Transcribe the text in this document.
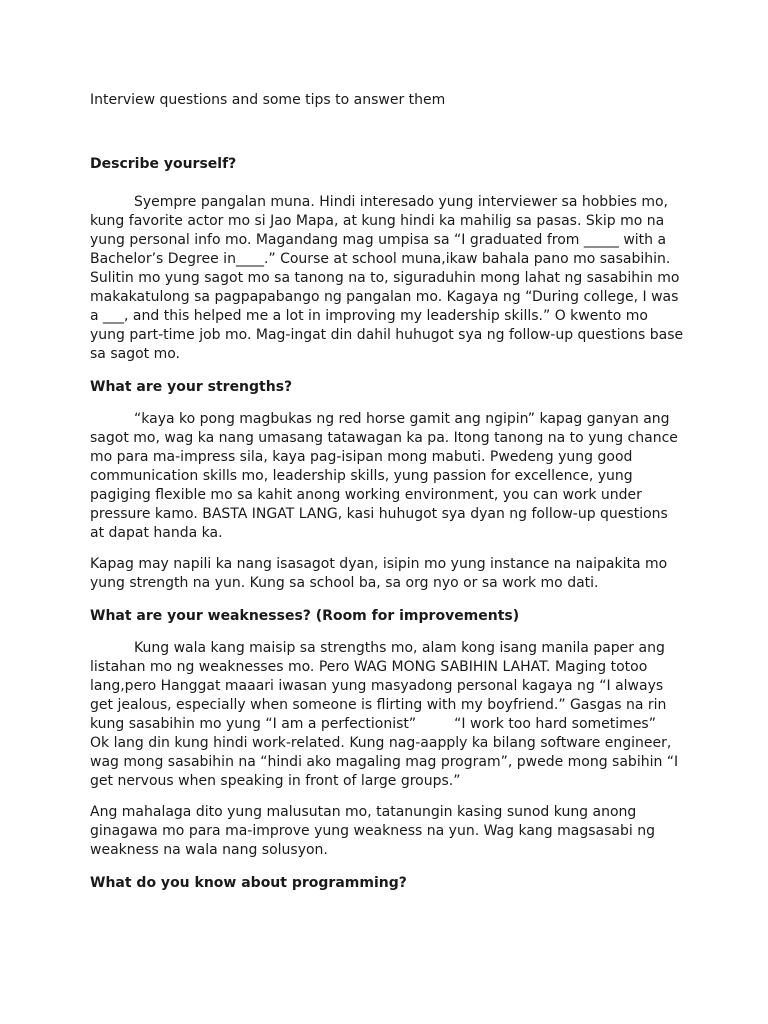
Interview questions and some tips to answer them

Describe yourself?

Syempre pangalan muna. Hindi interesado yung interviewer sa hobbies mo,
kung favorite actor mo si Jao Mapa, at kung hindi ka mahilig sa pasas. Skip mo na
yung personal info mo. Magandang mag umpisa sa “I graduated from _____ with a
Bachelor’s Degree in____.” Course at school muna,ikaw bahala pano mo sasabihin.
Sulitin mo yung sagot mo sa tanong na to, siguraduhin mong lahat ng sasabihin mo
makakatulong sa pagpapabango ng pangalan mo. Kagaya ng “During college, I was
a ___, and this helped me a lot in improving my leadership skills.” O kwento mo
yung part-time job mo. Mag-ingat din dahil huhugot sya ng follow-up questions base
sa sagot mo.

What are your strengths?

“kaya ko pong magbukas ng red horse gamit ang ngipin” kapag ganyan ang
sagot mo, wag ka nang umasang tatawagan ka pa. Itong tanong na to yung chance
mo para ma-impress sila, kaya pag-isipan mong mabuti. Pwedeng yung good
communication skills mo, leadership skills, yung passion for excellence, yung
pagiging flexible mo sa kahit anong working environment, you can work under
pressure kamo. BASTA INGAT LANG, kasi huhugot sya dyan ng follow-up questions
at dapat handa ka.
Kapag may napili ka nang isasagot dyan, isipin mo yung instance na naipakita mo
yung strength na yun. Kung sa school ba, sa org nyo or sa work mo dati.

What are your weaknesses? (Room for improvements)

Kung wala kang maisip sa strengths mo, alam kong isang manila paper ang
listahan mo ng weaknesses mo. Pero WAG MONG SABIHIN LAHAT. Maging totoo
lang,pero Hanggat maaari iwasan yung masyadong personal kagaya ng “I always
get jealous, especially when someone is flirting with my boyfriend.” Gasgas na rin
kung sasabihin mo yung “I am a perfectionist”	“I work too hard sometimes”
Ok lang din kung hindi work-related. Kung nag-aapply ka bilang software engineer,
wag mong sasabihin na “hindi ako magaling mag program”, pwede mong sabihin “I
get nervous when speaking in front of large groups.”
Ang mahalaga dito yung malusutan mo, tatanungin kasing sunod kung anong
ginagawa mo para ma-improve yung weakness na yun. Wag kang magsasabi ng
weakness na wala nang solusyon.

What do you know about programming?
